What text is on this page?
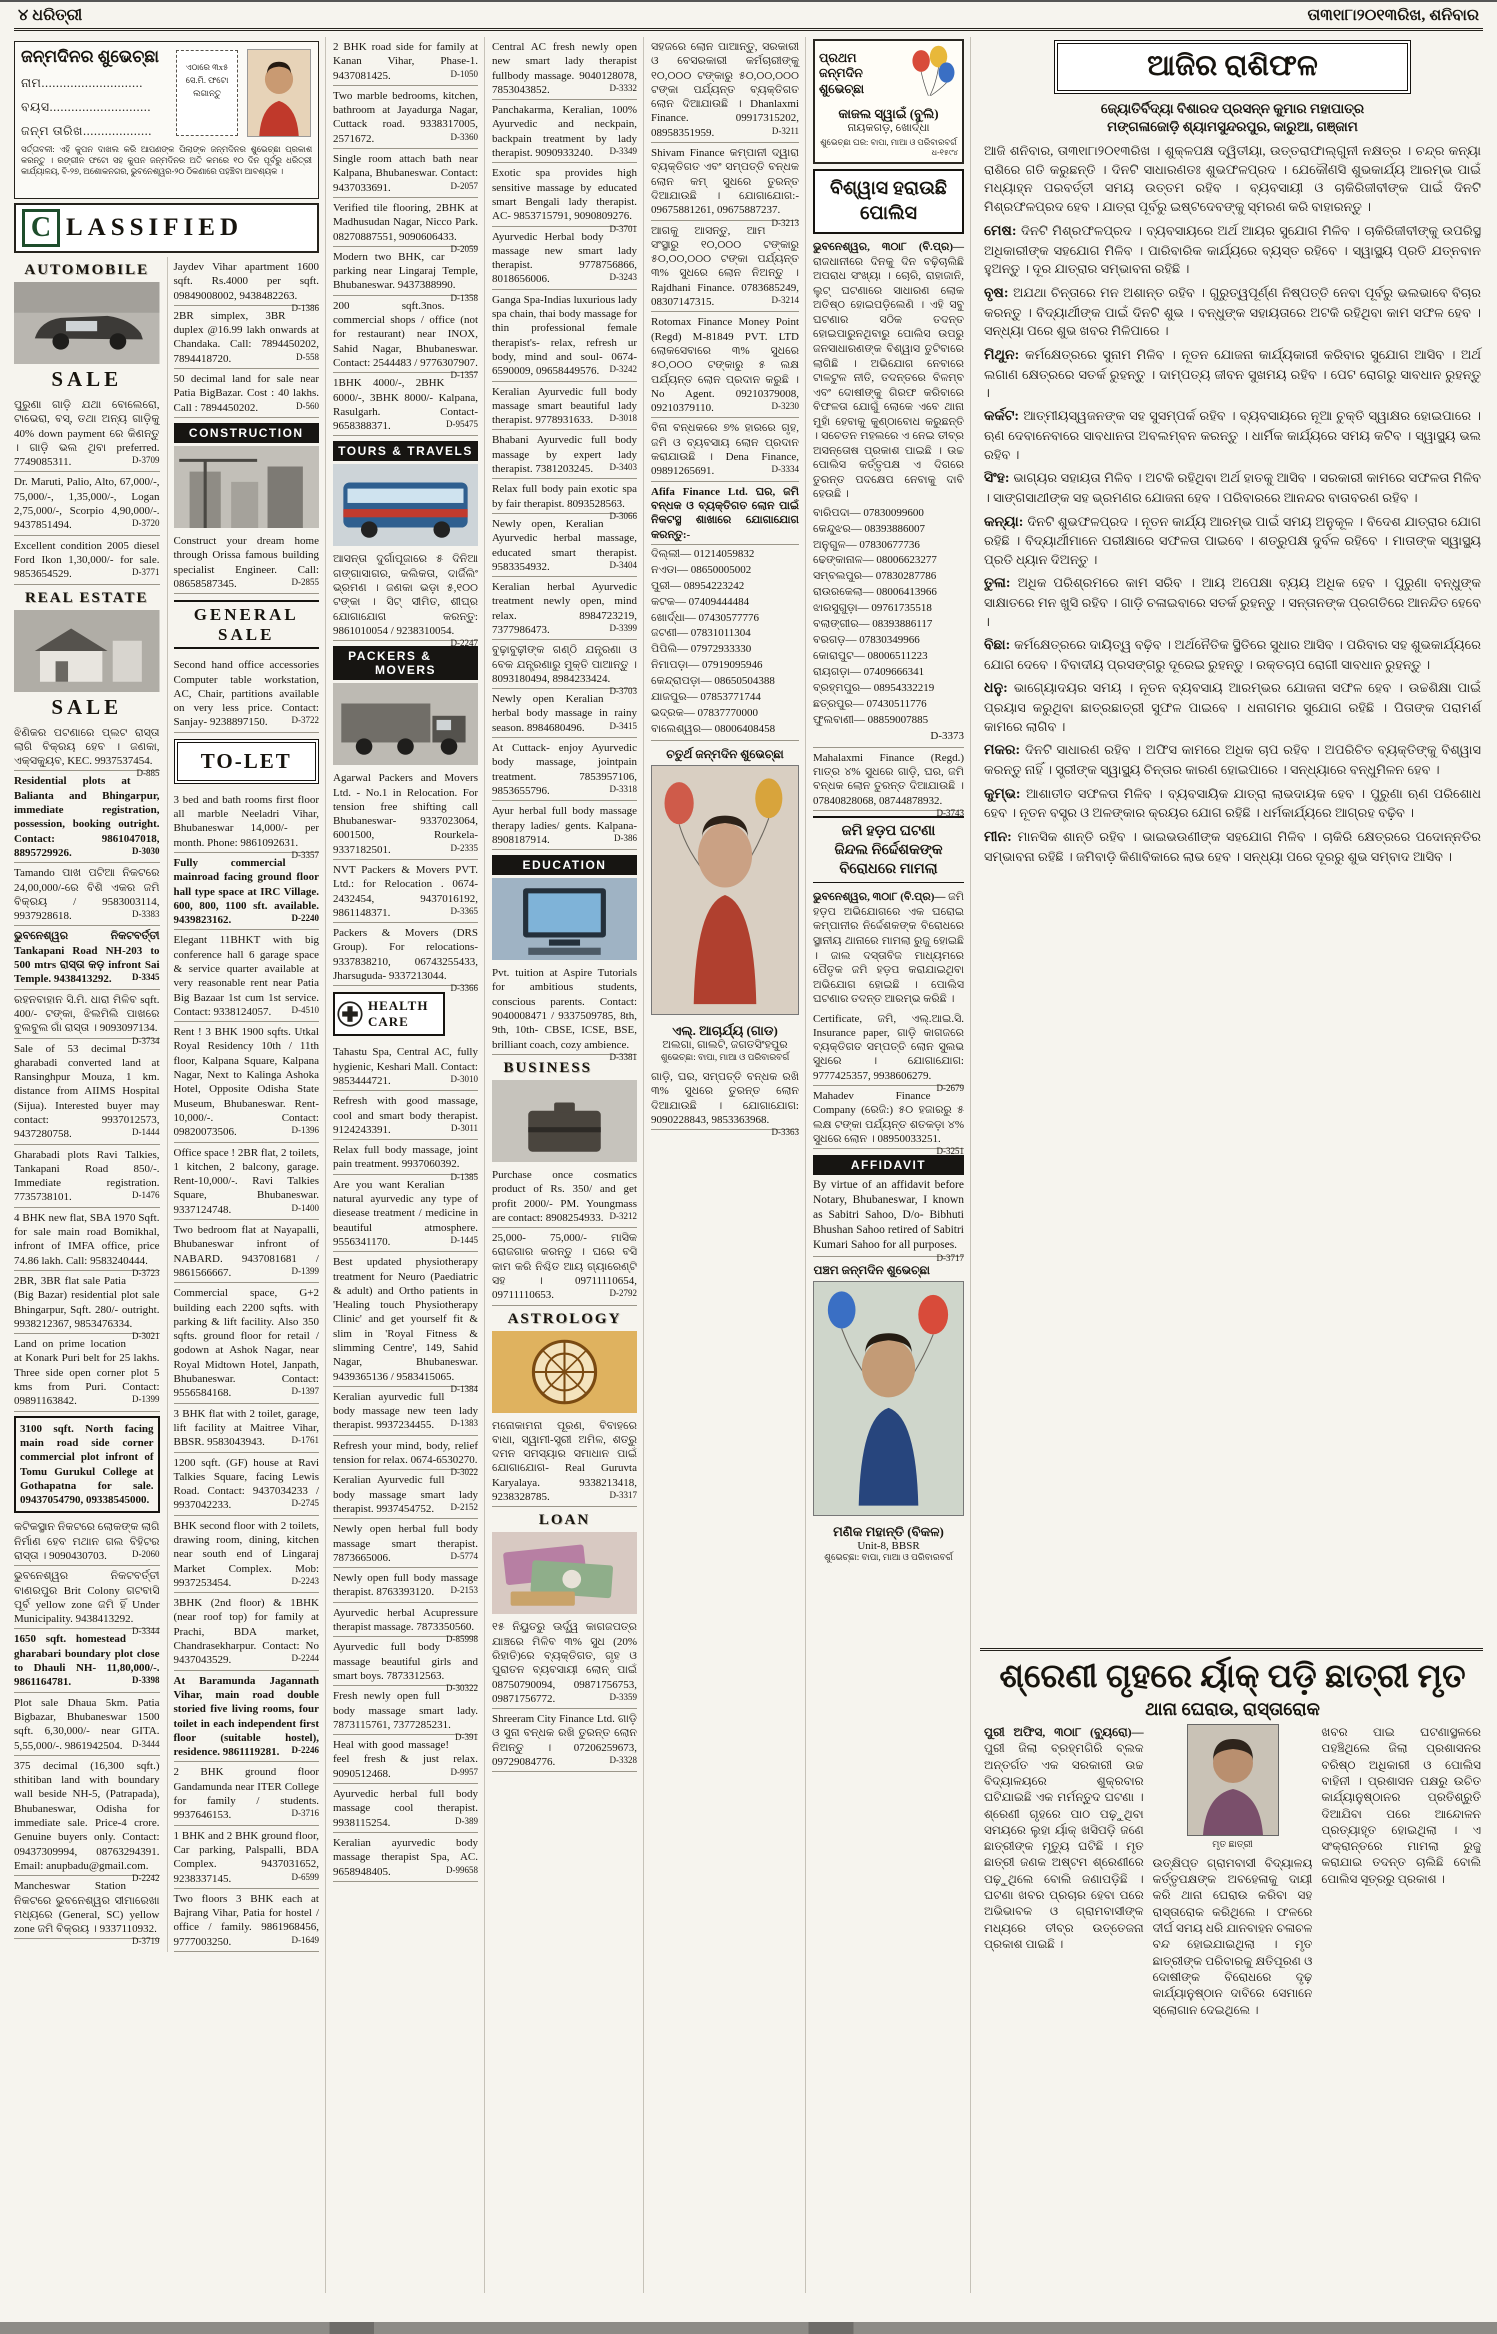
୪ ଧରିତ୍ରୀ	ତା୩୧ା୮ା୨୦୧୩ରିଖ, ଶନିବାର
ଜନ୍ମଦିନର ଶୁଭେଚ୍ଛା
ନାମ............................
ବୟସ............................
ଜନ୍ମ ତାରିଖ...................
ଏଠାରେ ୩x୫ ସେ.ମି. ଫଟୋ ଲଗାନ୍ତୁ
ସର୍ତ୍ତାବଳୀ: ଏହି କୁପନ ଦାଖଲ କରି ଆପଣଙ୍କ ପିଲାଙ୍କ ଜନ୍ମଦିନର ଶୁଭେଚ୍ଛା ପ୍ରକାଶ କରନ୍ତୁ । ରଙ୍ଗୀନ ଫଟୋ ସହ କୁପନ ଜନ୍ମଦିନର ଅତି କମରେ ୧୦ ଦିନ ପୂର୍ବରୁ ଧରିତ୍ରୀ କାର୍ଯ୍ୟାଳୟ, ବି-୨୭, ଅଶୋକନଗର, ଭୁବନେଶ୍ୱର-୨୦ ଠିକଣାରେ ପହଞ୍ଚିବା ଆବଶ୍ୟକ ।
C LASSIFIED
AUTOMOBILE
SALE
ପୁରୁଣା ଗାଡ଼ି ଯଥା ବୋଲେରୋ, ଟାଭେରା, ବସ୍, ତଥା ଅନ୍ୟ ଗାଡ଼ିକୁ 40% down payment ରେ କିଣନ୍ତୁ । ଗାଡ଼ି ଭଲ ଥିବା preferred. 7749085311.	D-3709
Dr. Maruti, Palio, Alto, 67,000/-, 75,000/-, 1,35,000/-, Logan 2,75,000/-, Scorpio 4,90,000/-. 9437851494.	D-3720
Excellent condition 2005 diesel Ford Ikon 1,30,000/- for sale. 9853654529.	D-3771
REAL ESTATE
SALE
ଝିଣିକର ପଟଣାରେ ପ୍ଲଟ ରାସ୍ତା ଲାଗି ବିକ୍ରୟ ହେବ । ଜଣକା, ଏକ୍ସକ୍ୟୁବ, KEC. 9937537454.
D-885
Residential plots at Balianta and Bhingarpur, immediate registration, possession, booking outright. Contact: 9861047018, 8895729926.	D-3030
Tamando ପାଖ ପଟିଆ ନିକଟରେ 24,00,000/-ରେ ବିଶି ଏକର ଜମି ବିକ୍ରୟ / 9583003114, 9937928618.	D-3383
ଭୁବନେଶ୍ୱର ନିକଟବର୍ତ୍ତୀ Tankapani Road NH-203 to 500 mtrs ରାସ୍ତା କଡ଼ infront Sai Temple. 9438413292. D-3345
ରହନବାହାନ ସି.ମି. ଧାରା ମିଳିବ sqft. 400/- ଟଙ୍କା, ଝିଲମିଲି ପାଖରେ ବୁଲବୁଲ ଗାଁ ରାସ୍ତା । 9093097134.
D-3734
Sale of 53 decimal gharabadi converted land at Ransinghpur Mouza, 1 km. distance from AIIMS Hospital (Sijua). Interested buyer may contact: 9937012573, 9437280758.	D-1444
Gharabadi plots Ravi Talkies, Tankapani Road 850/-. Immediate registration. 7735738101.	D-1476
4 BHK new flat, SBA 1970 Sqft. for sale main road Bomikhal, infront of IMFA office, price 74.86 lakh. Call: 9583240444.
D-3723
2BR, 3BR flat sale Patia (Big Bazar) residential plot sale Bhingarpur, Sqft. 280/- outright. 9938212367, 9853476334.
D-3021
Land on prime location at Konark Puri belt for 25 lakhs. Three side open corner plot 5 kms from Puri. Contact: 09891163842.	D-1399
3100 sqft. North facing main road side corner commercial plot infront of Tomu Gurukul College at Gothapatna for sale. 09437054790, 09338545000.
କଟିକସ୍ଥାନ ନିକଟରେ ଲୋକଙ୍କ ଲାଗି ନିର୍ମାଣ ହେବ ମଥାନ ଗଲ ବିହିଟର ରାସ୍ତା । 9090430703.	D-2060
ଭୁବନେଶ୍ୱର ନିକଟବର୍ତ୍ତୀ ବାଣରପୁର Brit Colony ଗଟବାସି ପୂର୍ବ yellow zone ଜମି ହିଁ Under Municipality. 9438413292.
D-3344
1650 sqft. homestead gharabari boundary plot close to Dhauli NH- 11,80,000/-. 9861164781.	D-3398
Plot sale Dhaua 5km. Patia Bigbazar, Bhubaneswar 1500 sqft. 6,30,000/- near GITA. 5,55,000/-. 9861942504. D-3444
375 decimal (16,300 sqft.) sthitiban land with boundary wall beside NH-5, (Patrapada), Bhubaneswar, Odisha for immediate sale. Price-4 crore. Genuine buyers only. Contact: 09437309994, 08763294391. Email: anupbadu@gmail.com.
D-2242
Mancheswar Station ନିକଟରେ ଭୁବନେଶ୍ୱର ସୀମାରେଖା ମଧ୍ୟରେ (General, SC) yellow zone ଜମି ବିକ୍ରୟ । 9337110932.
D-3719
Jaydev Vihar apartment 1600 sqft. Rs.4000 per sqft. 09849008002, 9438482263.
D-1386
2BR simplex, 3BR duplex @16.99 lakh onwards at Chandaka. Call: 7894450202, 7894418720.	D-558
50 decimal land for sale near Patia BigBazar. Cost : 40 lakhs. Call : 7894450202.	D-560
CONSTRUCTION
Construct your dream home through Orissa famous building specialist Engineer. Call: 08658587345.	D-2855
GENERAL
SALE
Second hand office accessories Computer table workstation, AC, Chair, partitions available on very less price. Contact: Sanjay- 9238897150.	D-3722
TO-LET
3 bed and bath rooms first floor all marble Neeladri Vihar, Bhubaneswar 14,000/- per month. Phone: 9861092631.
D-3357
Fully commercial mainroad facing ground floor hall type space at IRC Village. 600, 800, 1100 sft. available. 9439823162.	D-2240
Elegant 11BHKT with big conference hall 6 garage space & service quarter available at very reasonable rent near Patia Big Bazaar 1st cum 1st service. Contact: 9338124057. D-4510
Rent ! 3 BHK 1900 sqfts. Utkal Royal Residency 10th / 11th floor, Kalpana Square, Kalpana Nagar, Next to Kalinga Ashoka Hotel, Opposite Odisha State Museum, Bhubaneswar. Rent-10,000/-. Contact: 09820073506.	D-1396
Office space ! 2BR flat, 2 toilets, 1 kitchen, 2 balcony, garage. Rent-10,000/-. Ravi Talkies Square, Bhubaneswar. 9337124748.	D-1400
Two bedroom flat at Nayapalli, Bhubaneswar infront of NABARD. 9437081681 / 9861566667.	D-1399
Commercial space, G+2 building each 2200 sqfts. with parking & lift facility. Also 350 sqfts. ground floor for retail / godown at Ashok Nagar, near Royal Midtown Hotel, Janpath, Bhubaneswar. Contact: 9556584168.	D-1397
3 BHK flat with 2 toilet, garage, lift facility at Maitree Vihar, BBSR. 9583043943.	D-1761
1200 sqft. (GF) house at Ravi Talkies Square, facing Lewis Road. Contact: 9437034233 / 9937042233.	D-2745
BHK second floor with 2 toilets, drawing room, dining, kitchen near south end of Lingaraj Market Complex. Mob: 9937253454.	D-2243
3BHK (2nd floor) & 1BHK (near roof top) for family at Prachi, BDA market, Chandrasekharpur. Contact: No 9437043529.	D-2244
At Baramunda Jagannath Vihar, main road double storied five living rooms, four toilet in each independent first floor (suitable hostel), residence. 9861119281. D-2246
2 BHK ground floor Gandamunda near ITER College for family / students. 9937646153.	D-3716
1 BHK and 2 BHK ground floor, Car parking, Palspalli, BDA Complex. 9437031652, 9238337145.	D-6599
Two floors 3 BHK each at Bajrang Vihar, Patia for hostel / office / family. 9861968456, 9777003250.	D-1649
2 BHK road side for family at Kanan Vihar, Phase-1. 9437081425.	D-1050
Two marble bedrooms, kitchen, bathroom at Jayadurga Nagar, Cuttack road. 9338317005, 2571672.	D-3360
Single room attach bath near Kalpana, Bhubaneswar. Contact: 9437033691.	D-2057
Verified tile flooring, 2BHK at Madhusudan Nagar, Nicco Park. 08270887551, 9090606433.
D-2059
Modern two BHK, car parking near Lingaraj Temple, Bhubaneswar. 9437388990.
D-1358
200 sqft.3nos. commercial shops / office (not for restaurant) near INOX, Sahid Nagar, Bhubaneswar. Contact: 2544483 / 9776307907.
D-1357
1BHK 4000/-, 2BHK 6000/-, 3BHK 8000/- Kalpana, Rasulgarh. Contact-9658388371.	D-95475
TOURS & TRAVELS
ଆସନ୍ତା ଦୁର୍ଗାପୂଜାରେ ୫ ଦିନିଆ ଗଙ୍ଗାସାଗର, କଲିକତା, ଦାର୍ଜିଲିଂ ଭ୍ରମଣ । ଜଣକା ଭଡ଼ା ୫,୧୦୦ ଟଙ୍କା । ସିଟ୍ ସୀମିତ, ଶୀଘ୍ର ଯୋଗାଯୋଗ କରନ୍ତୁ: 9861010054 / 9238310054.
D-2247
PACKERS & MOVERS
Agarwal Packers and Movers Ltd. - No.1 in Relocation. For tension free shifting call Bhubaneswar- 9337023064, 6001500, Rourkela-9337182501.	D-2335
NVT Packers & Movers PVT. Ltd.: for Relocation . 0674-2432454, 9437016192, 9861148371.	D-3365
Packers & Movers (DRS Group). For relocations-9337838210, 06743255433, Jharsuguda- 9337213044.
D-3366
HEALTH CARE
Tahastu Spa, Central AC, fully hygienic, Keshari Mall. Contact: 9853444721.	D-3010
Refresh with good massage, cool and smart body therapist. 9124243391.	D-3011
Relax full body massage, joint pain treatment. 9937060392.
D-1385
Are you want Keralian natural ayurvedic any type of diesease treatment / medicine in beautiful atmosphere. 9556341170.	D-1445
Best updated physiotherapy treatment for Neuro (Paediatric & adult) and Ortho patients in 'Healing touch Physiotherapy Clinic' and get yourself fit & slim in 'Royal Fitness & slimming Centre', 149, Sahid Nagar, Bhubaneswar. 9439365136 / 9583415065.
D-1384
Keralian ayurvedic full body massage new teen lady therapist. 9937234455. D-1383
Refresh your mind, body, relief tension for relax. 0674-6530270.
D-3022
Keralian Ayurvedic full body massage smart lady therapist. 9937454752. D-2152
Newly open herbal full body massage smart therapist. 7873665006.	D-5774
Newly open full body massage therapist. 8763393120. D-2153
Ayurvedic herbal Acupressure therapist massage. 7873350560.
D-85998
Ayurvedic full body massage beautiful girls and smart boys. 7873312563.
D-30322
Fresh newly open full body massage smart lady. 7873115761, 7377285231.
D-391
Heal with good massage! feel fresh & just relax. 9090512468.	D-9957
Ayurvedic herbal full body massage cool therapist. 9938115254.	D-389
Keralian ayurvedic body massage therapist Spa, AC. 9658948405.	D-99658
Central AC fresh newly open new smart lady therapist fullbody massage. 9040128078, 7853043852.	D-3332
Panchakarma, Keralian, 100% Ayurvedic and neckpain, backpain treatment by lady therapist. 9090933240. D-3349
Exotic spa provides high sensitive massage by educated smart Bengali lady therapist. AC- 9853715791, 9090809276.
D-3701
Ayurvedic Herbal body massage new smart lady therapist. 9778756866, 8018656006.	D-3243
Ganga Spa-Indias luxurious lady spa chain, thai body massage for thin professional female therapist's- relax, refresh ur body, mind and soul- 0674-6590009, 09658449576. D-3242
Keralian Ayurvedic full body massage smart beautiful lady therapist. 9778931633. D-3018
Bhabani Ayurvedic full body massage by expert lady therapist. 7381203245. D-3403
Relax full body pain exotic spa by fair therapist. 8093528563.
D-3066
Newly open, Keralian Ayurvedic herbal massage, educated smart therapist. 9583354932.	D-3404
Keralian herbal Ayurvedic treatment newly open, mind relax. 8984723219, 7377986473.	D-3399
ବୁଢ଼ାବୁଢ଼ୀଙ୍କ ଗଣ୍ଠି ଯନ୍ତ୍ରଣା ଓ ବେକ ଯନ୍ତ୍ରଣାରୁ ମୁକ୍ତି ପାଆନ୍ତୁ । 8093180494, 8984233424.
D-3703
Newly open Keralian herbal body massage in rainy season. 8984680496.	D-3415
At Cuttack- enjoy Ayurvedic body massage, jointpain treatment. 7853957106, 9853655796.	D-3318
Ayur herbal full body massage therapy ladies/ gents. Kalpana- 8908187914.	D-386
EDUCATION
Pvt. tuition at Aspire Tutorials for ambitious students, conscious parents. Contact: 9040008471 / 9337509785, 8th, 9th, 10th- CBSE, ICSE, BSE, brilliant coach, cozy ambience.
D-3381
BUSINESS
Purchase once cosmatics product of Rs. 350/ and get profit 2000/- PM. Youngmass are contact: 8908254933. D-3212
25,000- 75,000/- ମାସିକ ରୋଜଗାର କରନ୍ତୁ । ଘରେ ବସି କାମ କରି ନିଶ୍ଚିତ ଆୟ ଗ୍ୟାରେଣ୍ଟି ସହ । 09711110654, 09711110653.	D-2792
ASTROLOGY
ମନୋକାମନା ପୂରଣ, ବିବାହରେ ବାଧା, ସ୍ୱାମୀ-ସ୍ତ୍ରୀ ଅମିଳ, ଶତ୍ରୁ ଦମନ ସମସ୍ୟାର ସମାଧାନ ପାଇଁ ଯୋଗାଯୋଗ- Real Guruvta Karyalaya. 9338213418, 9238328785.	D-3317
LOAN
୧୫ ନିୟୁତରୁ ଊର୍ଦ୍ଧ୍ୱ କାଗଜପତ୍ର ଯାଞ୍ଚରେ ମିଳିବ ୩% ସୁଧ (20% ରିହାତି)ରେ ବ୍ୟକ୍ତିଗତ, ଗୃହ ଓ ପୁରାତନ ବ୍ୟବସାୟୀ ଲୋନ୍ ପାଇଁ 08750790094, 09871756753, 09871756772.	D-3359
Shreeram City Finance Ltd. ଗାଡ଼ି ଓ ସୁନା ବନ୍ଧକ ରଖି ତୁରନ୍ତ ଲୋନ ନିଅନ୍ତୁ । 07206259673, 09729084776.	D-3328
ସହଜରେ ଲୋନ ପାଆନ୍ତୁ, ସରକାରୀ ଓ ବେସରକାରୀ କର୍ମଚାରୀଙ୍କୁ ୧୦,୦୦୦ ଟଙ୍କାରୁ ୫୦,୦୦,୦୦୦ ଟଙ୍କା ପର୍ଯ୍ୟନ୍ତ ବ୍ୟକ୍ତିଗତ ଲୋନ ଦିଆଯାଉଛି । Dhanlaxmi Finance. 09917315202, 08958351959.	D-3211
Shivam Finance କମ୍ପାନୀ ଦ୍ୱାରା ବ୍ୟକ୍ତିଗତ ଏବଂ ସମ୍ପତ୍ତି ବନ୍ଧକ ଲୋନ କମ୍ ସୁଧରେ ତୁରନ୍ତ ଦିଆଯାଉଛି । ଯୋଗାଯୋଗ:- 09675881261, 09675887237.
D-3213
ଆଗକୁ ଆସନ୍ତୁ, ଆମ ସଂସ୍ଥାରୁ ୧୦,୦୦୦ ଟଙ୍କାରୁ ୫୦,୦୦,୦୦୦ ଟଙ୍କା ପର୍ଯ୍ୟନ୍ତ ୩% ସୁଧରେ ଲୋନ ନିଅନ୍ତୁ । Rajdhani Finance. 0783685249, 08307147315.	D-3214
Rotomax Finance Money Point (Regd) M-81849 PVT. LTD ଲୋକସେବାରେ ୩% ସୁଧରେ ୫୦,୦୦୦ ଟଙ୍କାରୁ ୫ ଲକ୍ଷ ପର୍ଯ୍ୟନ୍ତ ଲୋନ ପ୍ରଦାନ କରୁଛି । No Agent. 09210379008, 09210379110.	D-3230
ବିନା ବନ୍ଧକରେ ୭% ହାରରେ ଗୃହ, ଜମି ଓ ବ୍ୟବସାୟ ଲୋନ ପ୍ରଦାନ କରାଯାଉଛି । Dena Finance, 09891265691.	D-3334
Afifa Finance Ltd. ଘର, ଜମି ବନ୍ଧକ ଓ ବ୍ୟକ୍ତିଗତ ଲୋନ ପାଇଁ ନିକଟସ୍ଥ ଶାଖାରେ ଯୋଗାଯୋଗ କରନ୍ତୁ:-
ଦିଲ୍ଲୀ— 01214059832
ନଏଡା— 08650005002
ପୁରୀ— 08954223242
କଟକ— 07409444484
ଖୋର୍ଦ୍ଧା— 07430577776
ଜଟଣୀ— 07831011304
ପିପିଲି— 07972933330
ନିମାପଡ଼ା— 07919095946
କେନ୍ଦ୍ରାପଡ଼ା— 08650504388
ଯାଜପୁର— 07853771744
ଭଦ୍ରକ— 07837770000
ବାଲେଶ୍ୱର— 08006408458
ଚତୁର୍ଥ ଜନ୍ମଦିନ ଶୁଭେଚ୍ଛା
ଏଲ୍. ଆଚାର୍ଯ୍ୟ (ଗାଡ)
ଅଲଗା, ଗାଲଟି, ଜଗତସିଂହପୁର
ଶୁଭେଚ୍ଛା: ବାପା, ମାଆ ଓ ପରିବାରବର୍ଗ
ଗାଡ଼ି, ଘର, ସମ୍ପତ୍ତି ବନ୍ଧକ ରଖି ୩% ସୁଧରେ ତୁରନ୍ତ ଲୋନ ଦିଆଯାଉଛି । ଯୋଗାଯୋଗ: 9090228843, 9853363968.
D-3363
ପ୍ରଥମ ଜନ୍ମଦିନ ଶୁଭେଚ୍ଛା
କାଜଲ ସ୍ୱାଇଁ (ବୁଲି)
ନାୟକଗଡ଼, ଖୋର୍ଦ୍ଧା
ଶୁଭେଚ୍ଛା ଘର: ବାପା, ମାଆ ଓ ପରିବାରବର୍ଗ
ଧ-୧୫୯୪
ବିଶ୍ୱାସ ହରାଉଛି
ପୋଲିସ
ଭୁବନେଶ୍ୱର, ୩୦ା୮ (ବି.ପ୍ର)— ରାଜଧାନୀରେ ଦିନକୁ ଦିନ ବଢ଼ିଚାଲିଛି ଅପରାଧ ସଂଖ୍ୟା । ଚୋରି, ରାହାଜାନି, ଲୁଟ୍ ଘଟଣାରେ ସାଧାରଣ ଲୋକ ଅତିଷ୍ଠ ହୋଇପଡ଼ିଲେଣି । ଏହି ସବୁ ଘଟଣାର ସଠିକ ତଦନ୍ତ ହୋଇପାରୁନଥିବାରୁ ପୋଲିସ ଉପରୁ ଜନସାଧାରଣଙ୍କ ବିଶ୍ୱାସ ତୁଟିବାରେ ଲାଗିଛି । ଅଭିଯୋଗ ନେବାରେ ଟାଳଟୁଳ ନୀତି, ତଦନ୍ତରେ ବିଳମ୍ବ ଏବଂ ଦୋଷୀଙ୍କୁ ଗିରଫ କରିବାରେ ବିଫଳତା ଯୋଗୁଁ ଲୋକେ ଏବେ ଥାନା ମୁହାଁ ହେବାକୁ କୁଣ୍ଠାବୋଧ କରୁଛନ୍ତି । ସଚେତନ ମହଲରେ ଏ ନେଇ ତୀବ୍ର ଅସନ୍ତୋଷ ପ୍ରକାଶ ପାଇଛି । ଉଚ୍ଚ ପୋଲିସ କର୍ତ୍ତୃପକ୍ଷ ଏ ଦିଗରେ ତୁରନ୍ତ ପଦକ୍ଷେପ ନେବାକୁ ଦାବି ହେଉଛି ।
ବାରିପଦା— 07830099600
କେନ୍ଦୁଝର— 08393886007
ଅନୁଗୁଳ— 07830677736
ଢେଙ୍କାନାଳ— 08006623277
ସମ୍ବଲପୁର— 07830287786
ରାଉରକେଲା— 08006413966
ଝାରସୁଗୁଡ଼ା— 09761735518
ବଲାଙ୍ଗୀର— 08393886117
ବରଗଡ଼— 07830349966
କୋରାପୁଟ— 08006511223
ରାୟଗଡ଼ା— 07409666341
ବ୍ରହ୍ମପୁର— 08954332219
ଛତ୍ରପୁର— 07430511776
ଫୁଲବାଣୀ— 08859007885
D-3373
Mahalaxmi Finance (Regd.) ମାତ୍ର ୪% ସୁଧରେ ଗାଡ଼ି, ଘର, ଜମି ବନ୍ଧକ ଲୋନ ତୁରନ୍ତ ଦିଆଯାଉଛି । 07840828068, 08744878932.
D-3743
ଜମି ହଡ଼ପ ଘଟଣା
ଜିନ୍ଦଲ ନିର୍ଦ୍ଦେଶକଙ୍କ
ବିରୋଧରେ ମାମଲା
ଭୁବନେଶ୍ୱର, ୩୦ା୮ (ବି.ପ୍ର)— ଜମି ହଡ଼ପ ଅଭିଯୋଗରେ ଏକ ଘରୋଇ କମ୍ପାନୀର ନିର୍ଦ୍ଦେଶକଙ୍କ ବିରୋଧରେ ସ୍ଥାନୀୟ ଥାନାରେ ମାମଲା ରୁଜୁ ହୋଇଛି । ଜାଲ ଦସ୍ତାବିଜ ମାଧ୍ୟମରେ ପୈତୃକ ଜମି ହଡ଼ପ କରାଯାଇଥିବା ଅଭିଯୋଗ ହୋଇଛି । ପୋଲିସ ଘଟଣାର ତଦନ୍ତ ଆରମ୍ଭ କରିଛି ।
Certificate, ଜମି, ଏଲ୍.ଆଇ.ସି. Insurance paper, ଗାଡ଼ି କାଗଜରେ ବ୍ୟକ୍ତିଗତ ସମ୍ପତ୍ତି ଲୋନ ସୁଲଭ ସୁଧରେ । ଯୋଗାଯୋଗ: 9777425357, 9938606279.
D-2679
Mahadev Finance Company (ରେଜି:) ୫୦ ହଜାରରୁ ୫ ଲକ୍ଷ ଟଙ୍କା ପର୍ଯ୍ୟନ୍ତ ଶତକଡ଼ା ୪% ସୁଧରେ ଲୋନ । 08950033251.
D-3251
AFFIDAVIT
By virtue of an affidavit before Notary, Bhubaneswar, I known as Sabitri Sahoo, D/o- Bibhuti Bhushan Sahoo retired of Sabitri Kumari Sahoo for all purposes.
D-3717
ପଞ୍ଚମ ଜନ୍ମଦିନ ଶୁଭେଚ୍ଛା
ମଣିକ ମହାନ୍ତି (ବିକଳ)
Unit-8, BBSR
ଶୁଭେଚ୍ଛା: ବାପା, ମାଆ ଓ ପରିବାରବର୍ଗ
ଆଜିର ରାଶିଫଳ
ଜ୍ୟୋତିର୍ବିଦ୍ୟା ବିଶାରଦ ପ୍ରସନ୍ନ କୁମାର ମହାପାତ୍ର
ମଙ୍ଗଳାଜୋଡ଼ି ଶ୍ୟାମସୁନ୍ଦରପୁର, କାରୁଆ, ଗଞ୍ଜାମ
ଆଜି ଶନିବାର, ତା୩୧ା୮ା୨୦୧୩ରିଖ । ଶୁକ୍ଳପକ୍ଷ ଦ୍ୱିତୀୟା, ଉତ୍ତରାଫାଲ୍‌ଗୁନୀ ନକ୍ଷତ୍ର । ଚନ୍ଦ୍ର କନ୍ୟା ରାଶିରେ ଗତି କରୁଛନ୍ତି । ଦିନଟି ସାଧାରଣତଃ ଶୁଭଫଳପ୍ରଦ । ଯେକୌଣସି ଶୁଭକାର୍ଯ୍ୟ ଆରମ୍ଭ ପାଇଁ ମଧ୍ୟାହ୍ନ ପରବର୍ତ୍ତୀ ସମୟ ଉତ୍ତମ ରହିବ । ବ୍ୟବସାୟୀ ଓ ଚାକିରିଜୀବୀଙ୍କ ପାଇଁ ଦିନଟି ମିଶ୍ରଫଳପ୍ରଦ ହେବ । ଯାତ୍ରା ପୂର୍ବରୁ ଇଷ୍ଟଦେବଙ୍କୁ ସ୍ମରଣ କରି ବାହାରନ୍ତୁ ।

ମେଷ : ଦିନଟି ମିଶ୍ରଫଳପ୍ରଦ । ବ୍ୟବସାୟରେ ଅର୍ଥ ଆୟର ସୁଯୋଗ ମିଳିବ । ଚାକିରିଜୀବୀଙ୍କୁ ଉପରିସ୍ଥ ଅଧିକାରୀଙ୍କ ସହଯୋଗ ମିଳିବ । ପାରିବାରିକ କାର୍ଯ୍ୟରେ ବ୍ୟସ୍ତ ରହିବେ । ସ୍ୱାସ୍ଥ୍ୟ ପ୍ରତି ଯତ୍ନବାନ ହୁଅନ୍ତୁ । ଦୂର ଯାତ୍ରାର ସମ୍ଭାବନା ରହିଛି ।

ବୃଷ : ଅଯଥା ଚିନ୍ତାରେ ମନ ଅଶାନ୍ତ ରହିବ । ଗୁରୁତ୍ୱପୂର୍ଣ୍ଣ ନିଷ୍ପତ୍ତି ନେବା ପୂର୍ବରୁ ଭଲଭାବେ ବିଚାର କରନ୍ତୁ । ବିଦ୍ୟାର୍ଥୀଙ୍କ ପାଇଁ ଦିନଟି ଶୁଭ । ବନ୍ଧୁଙ୍କ ସହାୟତାରେ ଅଟକି ରହିଥିବା କାମ ସଫଳ ହେବ । ସନ୍ଧ୍ୟା ପରେ ଶୁଭ ଖବର ମିଳିପାରେ ।

ମିଥୁନ : କର୍ମକ୍ଷେତ୍ରରେ ସୁନାମ ମିଳିବ । ନୂତନ ଯୋଜନା କାର୍ଯ୍ୟକାରୀ କରିବାର ସୁଯୋଗ ଆସିବ । ଅର୍ଥ ଲଗାଣ କ୍ଷେତ୍ରରେ ସତର୍କ ରୁହନ୍ତୁ । ଦାମ୍ପତ୍ୟ ଜୀବନ ସୁଖମୟ ରହିବ । ପେଟ ରୋଗରୁ ସାବଧାନ ରୁହନ୍ତୁ ।

କର୍କଟ : ଆତ୍ମୀୟସ୍ୱଜନଙ୍କ ସହ ସୁସମ୍ପର୍କ ରହିବ । ବ୍ୟବସାୟରେ ନୂଆ ଚୁକ୍ତି ସ୍ୱାକ୍ଷର ହୋଇପାରେ । ଋଣ ଦେବାନେବାରେ ସାବଧାନତା ଅବଲମ୍ବନ କରନ୍ତୁ । ଧାର୍ମିକ କାର୍ଯ୍ୟରେ ସମୟ କଟିବ । ସ୍ୱାସ୍ଥ୍ୟ ଭଲ ରହିବ ।

ସିଂହ : ଭାଗ୍ୟର ସହାୟତା ମିଳିବ । ଅଟକି ରହିଥିବା ଅର୍ଥ ହାତକୁ ଆସିବ । ସରକାରୀ କାମରେ ସଫଳତା ମିଳିବ । ସାଙ୍ଗସାଥୀଙ୍କ ସହ ଭ୍ରମଣର ଯୋଜନା ହେବ । ପରିବାରରେ ଆନନ୍ଦର ବାତାବରଣ ରହିବ ।

କନ୍ୟା : ଦିନଟି ଶୁଭଫଳପ୍ରଦ । ନୂତନ କାର୍ଯ୍ୟ ଆରମ୍ଭ ପାଇଁ ସମୟ ଅନୁକୂଳ । ବିଦେଶ ଯାତ୍ରାର ଯୋଗ ରହିଛି । ବିଦ୍ୟାର୍ଥୀମାନେ ପରୀକ୍ଷାରେ ସଫଳତା ପାଇବେ । ଶତ୍ରୁପକ୍ଷ ଦୁର୍ବଳ ରହିବେ । ମାତାଙ୍କ ସ୍ୱାସ୍ଥ୍ୟ ପ୍ରତି ଧ୍ୟାନ ଦିଅନ୍ତୁ ।

ତୁଳା : ଅଧିକ ପରିଶ୍ରମରେ କାମ ସରିବ । ଆୟ ଅପେକ୍ଷା ବ୍ୟୟ ଅଧିକ ହେବ । ପୁରୁଣା ବନ୍ଧୁଙ୍କ ସାକ୍ଷାତରେ ମନ ଖୁସି ରହିବ । ଗାଡ଼ି ଚଳାଇବାରେ ସତର୍କ ରୁହନ୍ତୁ । ସନ୍ତାନଙ୍କ ପ୍ରଗତିରେ ଆନନ୍ଦିତ ହେବେ ।

ବିଛା : କର୍ମକ୍ଷେତ୍ରରେ ଦାୟିତ୍ୱ ବଢ଼ିବ । ଅର୍ଥନୈତିକ ସ୍ଥିତିରେ ସୁଧାର ଆସିବ । ପରିବାର ସହ ଶୁଭକାର୍ଯ୍ୟରେ ଯୋଗ ଦେବେ । ବିବାଦୀୟ ପ୍ରସଙ୍ଗରୁ ଦୂରେଇ ରୁହନ୍ତୁ । ରକ୍ତଚାପ ରୋଗୀ ସାବଧାନ ରୁହନ୍ତୁ ।

ଧନୁ : ଭାଗ୍ୟୋଦୟର ସମୟ । ନୂତନ ବ୍ୟବସାୟ ଆରମ୍ଭର ଯୋଜନା ସଫଳ ହେବ । ଉଚ୍ଚଶିକ୍ଷା ପାଇଁ ପ୍ରୟାସ କରୁଥିବା ଛାତ୍ରଛାତ୍ରୀ ସୁଫଳ ପାଇବେ । ଧନାଗମର ସୁଯୋଗ ରହିଛି । ପିତାଙ୍କ ପରାମର୍ଶ କାମରେ ଲାଗିବ ।

ମକର : ଦିନଟି ସାଧାରଣ ରହିବ । ଅଫିସ କାମରେ ଅଧିକ ଚାପ ରହିବ । ଅପରିଚିତ ବ୍ୟକ୍ତିଙ୍କୁ ବିଶ୍ୱାସ କରନ୍ତୁ ନାହିଁ । ସ୍ତ୍ରୀଙ୍କ ସ୍ୱାସ୍ଥ୍ୟ ଚିନ୍ତାର କାରଣ ହୋଇପାରେ । ସନ୍ଧ୍ୟାରେ ବନ୍ଧୁମିଳନ ହେବ ।

କୁମ୍ଭ : ଆଶାତୀତ ସଫଳତା ମିଳିବ । ବ୍ୟବସାୟିକ ଯାତ୍ରା ଲାଭଦାୟକ ହେବ । ପୁରୁଣା ଋଣ ପରିଶୋଧ ହେବ । ନୂତନ ବସ୍ତ୍ର ଓ ଅଳଙ୍କାର କ୍ରୟର ଯୋଗ ରହିଛି । ଧର୍ମକାର୍ଯ୍ୟରେ ଆଗ୍ରହ ବଢ଼ିବ ।

ମୀନ : ମାନସିକ ଶାନ୍ତି ରହିବ । ଭାଇଭଉଣୀଙ୍କ ସହଯୋଗ ମିଳିବ । ଚାକିରି କ୍ଷେତ୍ରରେ ପଦୋନ୍ନତିର ସମ୍ଭାବନା ରହିଛି । ଜମିବାଡ଼ି କିଣାବିକାରେ ଲାଭ ହେବ । ସନ୍ଧ୍ୟା ପରେ ଦୂରରୁ ଶୁଭ ସମ୍ବାଦ ଆସିବ ।

ଶ୍ରେଣୀ ଗୃହରେ ର୍ୟାକ୍ ପଡ଼ି ଛାତ୍ରୀ ମୃତ
ଥାନା ଘେରାଉ, ରାସ୍ତାରୋକ
ପୁରୀ ଅଫିସ, ୩୦ା୮ (ବ୍ୟୁରୋ)— ପୁରୀ ଜିଲା ବ୍ରହ୍ମଗିରି ବ୍ଲକ ଅନ୍ତର୍ଗତ ଏକ ସରକାରୀ ଉଚ୍ଚ ବିଦ୍ୟାଳୟରେ ଶୁକ୍ରବାର ଘଟିଯାଇଛି ଏକ ମର୍ମନ୍ତୁଦ ଘଟଣା । ଶ୍ରେଣୀ ଗୃହରେ ପାଠ ପଢ଼ୁଥିବା ସମୟରେ ଲୁହା ର୍ୟାକ୍ ଖସିପଡ଼ି ଜଣେ ଛାତ୍ରୀଙ୍କ ମୃତ୍ୟୁ ଘଟିଛି । ମୃତ ଛାତ୍ରୀ ଜଣକ ଅଷ୍ଟମ ଶ୍ରେଣୀରେ ପଢ଼ୁଥିଲେ ବୋଲି ଜଣାପଡ଼ିଛି । ଘଟଣା ଖବର ପ୍ରଚାର ହେବା ପରେ ଅଭିଭାବକ ଓ ଗ୍ରାମବାସୀଙ୍କ ମଧ୍ୟରେ ତୀବ୍ର ଉତ୍ତେଜନା ପ୍ରକାଶ ପାଇଛି ।
ମୃତ ଛାତ୍ରୀ
ଉତ୍‌କ୍ଷିପ୍ତ ଗ୍ରାମବାସୀ ବିଦ୍ୟାଳୟ କର୍ତ୍ତୃପକ୍ଷଙ୍କ ଅବହେଳାକୁ ଦାୟୀ କରି ଥାନା ଘେରାଉ କରିବା ସହ ରାସ୍ତାରୋକ କରିଥିଲେ । ଫଳରେ ଦୀର୍ଘ ସମୟ ଧରି ଯାନବାହନ ଚଳାଚଳ ବନ୍ଦ ହୋଇଯାଇଥିଲା । ମୃତ ଛାତ୍ରୀଙ୍କ ପରିବାରକୁ କ୍ଷତିପୂରଣ ଓ ଦୋଷୀଙ୍କ ବିରୋଧରେ ଦୃଢ଼ କାର୍ଯ୍ୟାନୁଷ୍ଠାନ ଦାବିରେ ସେମାନେ ସ୍ଲୋଗାନ ଦେଇଥିଲେ ।
ଖବର ପାଇ ଘଟଣାସ୍ଥଳରେ ପହଞ୍ଚିଥିଲେ ଜିଲା ପ୍ରଶାସନର ବରିଷ୍ଠ ଅଧିକାରୀ ଓ ପୋଲିସ ବାହିନୀ । ପ୍ରଶାସନ ପକ୍ଷରୁ ଉଚିତ କାର୍ଯ୍ୟାନୁଷ୍ଠାନର ପ୍ରତିଶ୍ରୁତି ଦିଆଯିବା ପରେ ଆନ୍ଦୋଳନ ପ୍ରତ୍ୟାହୃତ ହୋଇଥିଲା । ଏ ସଂକ୍ରାନ୍ତରେ ମାମଲା ରୁଜୁ କରାଯାଇ ତଦନ୍ତ ଚାଲିଛି ବୋଲି ପୋଲିସ ସୂତ୍ରରୁ ପ୍ରକାଶ ।
